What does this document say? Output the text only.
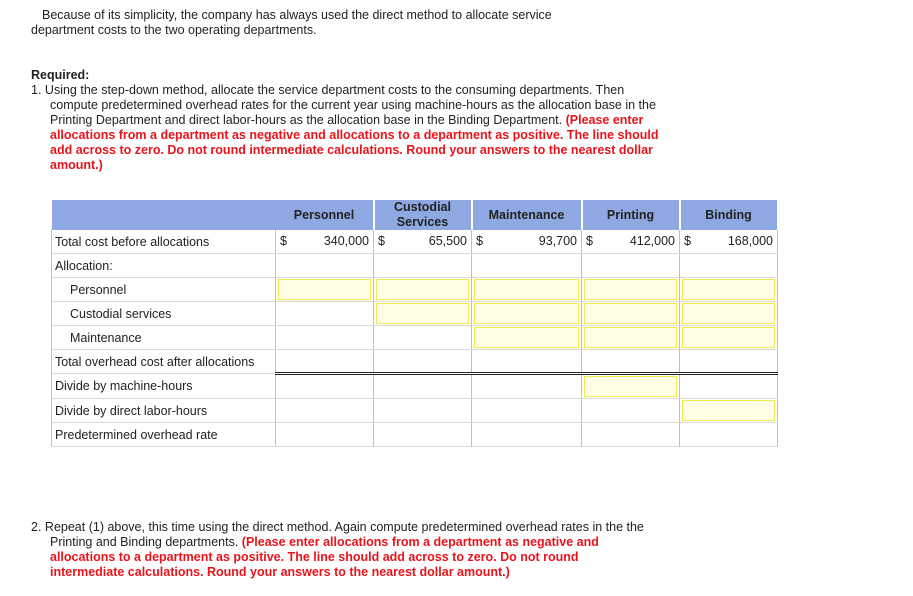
Because of its simplicity, the company has always used the direct method to allocate service
department costs to the two operating departments.
Required:
1. Using the step-down method, allocate the service department costs to the consuming departments. Then compute predetermined overhead rates for the current year using machine-hours as the allocation base in the Printing Department and direct labor-hours as the allocation base in the Binding Department. (Please enter allocations from a department as negative and allocations to a department as positive. The line should add across to zero. Do not round intermediate calculations. Round your answers to the nearest dollar amount.)
	Personnel	Custodial Services	Maintenance	Printing	Binding
Total cost before allocations	$ 340,000	$ 65,500	$ 93,700	$ 412,000	$ 168,000

Allocation:					
Personnel	

Custodial services		

Maintenance			

Total overhead cost after allocations					
Divide by machine-hours				

Divide by direct labor-hours					

Predetermined overhead rate					
2. Repeat (1) above, this time using the direct method. Again compute predetermined overhead rates in the the Printing and Binding departments. (Please enter allocations from a department as negative and allocations to a department as positive. The line should add across to zero. Do not round intermediate calculations. Round your answers to the nearest dollar amount.)
